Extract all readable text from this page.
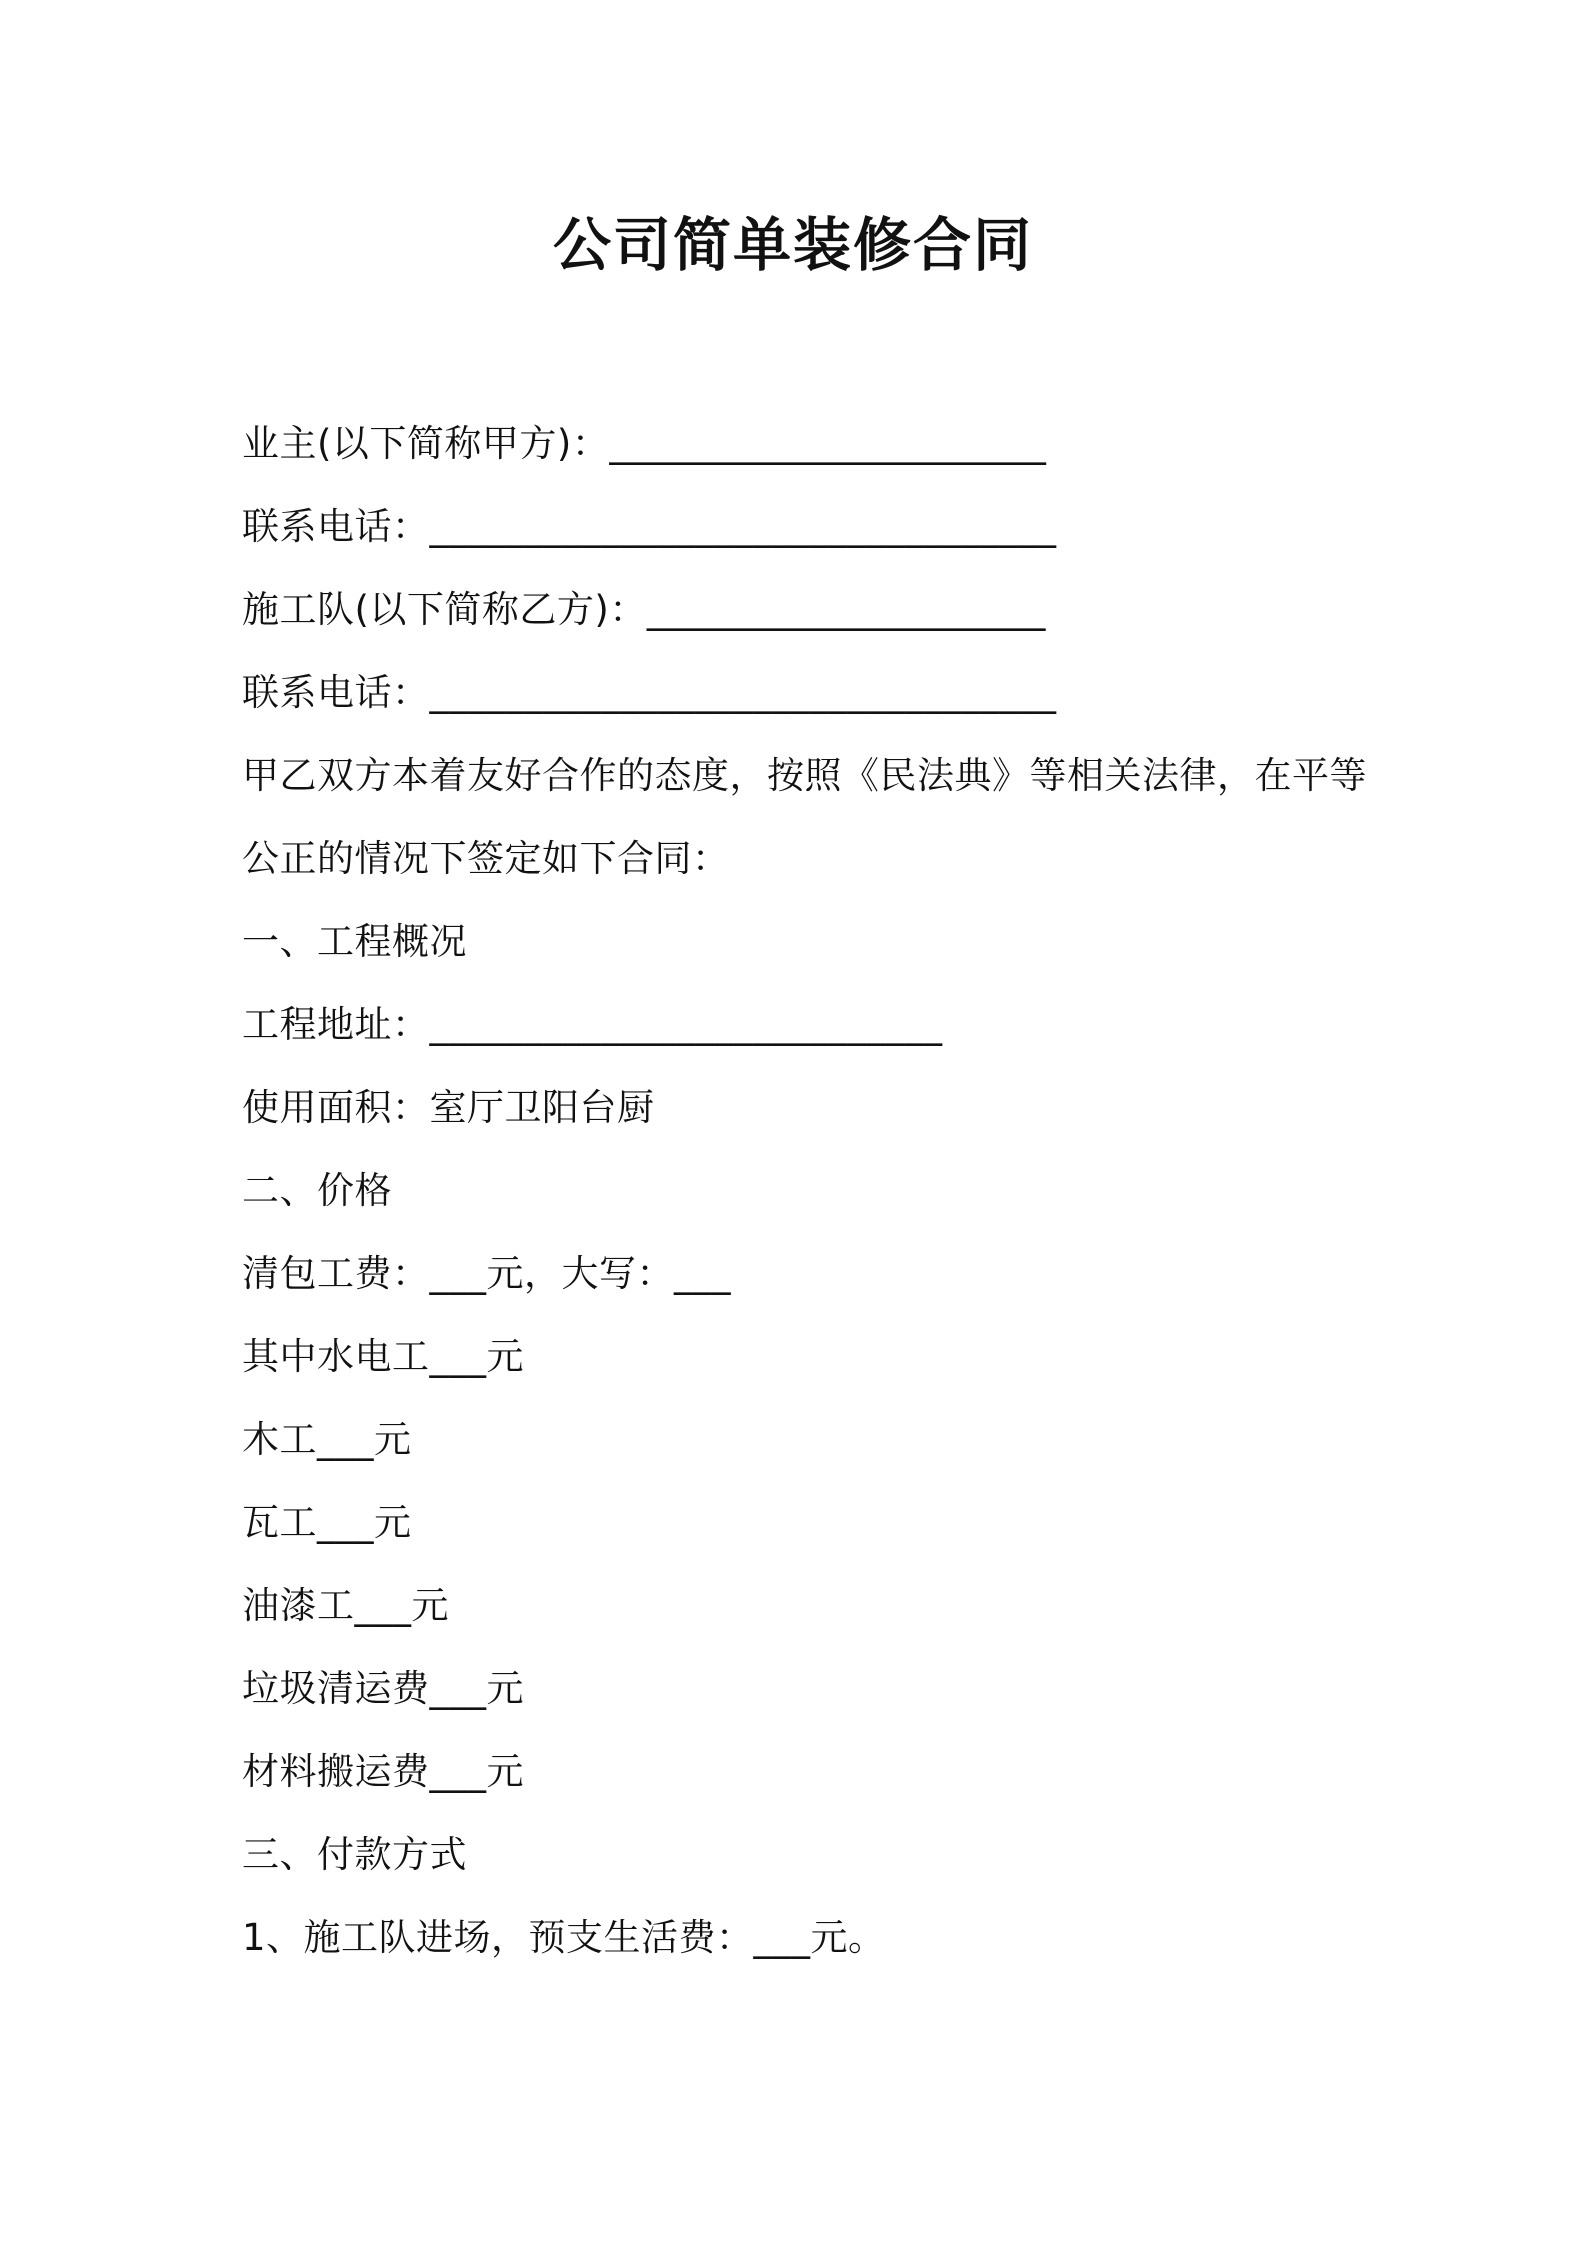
公司简单装修合同
业主(以下简称甲方)：_______________________
联系电话：_________________________________
施工队(以下简称乙方)：_____________________
联系电话：_________________________________
甲乙双方本着友好合作的态度，按照《民法典》等相关法律，在平等
公正的情况下签定如下合同：
一、工程概况
工程地址：___________________________
使用面积：室厅卫阳台厨
二、价格
清包工费：___元，大写：___
其中水电工___元
木工___元
瓦工___元
油漆工___元
垃圾清运费___元
材料搬运费___元
三、付款方式
1、施工队进场，预支生活费：___元。
